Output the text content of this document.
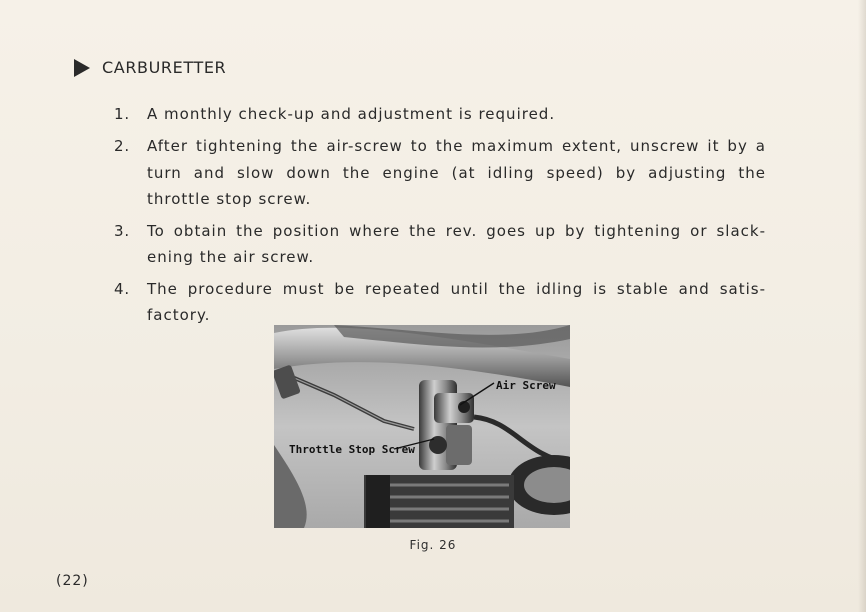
CARBURETTER
1.	A monthly check-up and adjustment is required.
2.	After tightening the air-screw to the maximum extent, unscrew it by a turn and slow down the engine (at idling speed) by adjusting the throttle stop screw.
3.	To obtain the position where the rev. goes up by tightening or slack-ening the air screw.
4.	The procedure must be repeated until the idling is stable and satis-factory.
Air Screw
Throttle Stop Screw
Fig. 26
(22)
